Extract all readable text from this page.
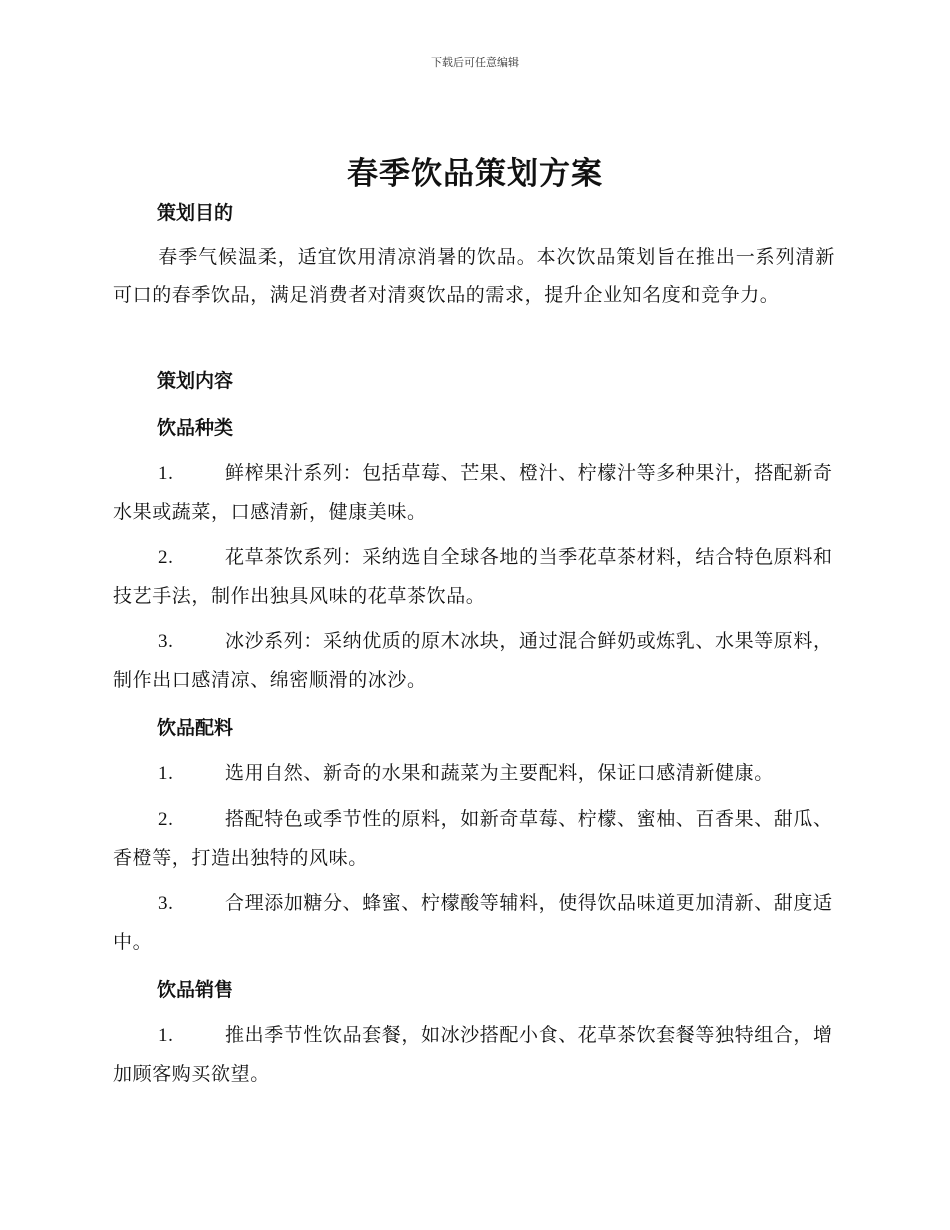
下载后可任意编辑
春季饮品策划方案
策划目的
春季气候温柔，适宜饮用清凉消暑的饮品。本次饮品策划旨在推出一系列清新可口的春季饮品，满足消费者对清爽饮品的需求，提升企业知名度和竞争力。
策划内容
饮品种类
1.	鲜榨果汁系列：包括草莓、芒果、橙汁、柠檬汁等多种果汁，搭配新奇水果或蔬菜，口感清新，健康美味。
2.	花草茶饮系列：采纳选自全球各地的当季花草茶材料，结合特色原料和技艺手法，制作出独具风味的花草茶饮品。
3.	冰沙系列：采纳优质的原木冰块，通过混合鲜奶或炼乳、水果等原料，制作出口感清凉、绵密顺滑的冰沙。
饮品配料
1.	选用自然、新奇的水果和蔬菜为主要配料，保证口感清新健康。
2.	搭配特色或季节性的原料，如新奇草莓、柠檬、蜜柚、百香果、甜瓜、香橙等，打造出独特的风味。
3.	合理添加糖分、蜂蜜、柠檬酸等辅料，使得饮品味道更加清新、甜度适中。
饮品销售
1.	推出季节性饮品套餐，如冰沙搭配小食、花草茶饮套餐等独特组合，增加顾客购买欲望。
